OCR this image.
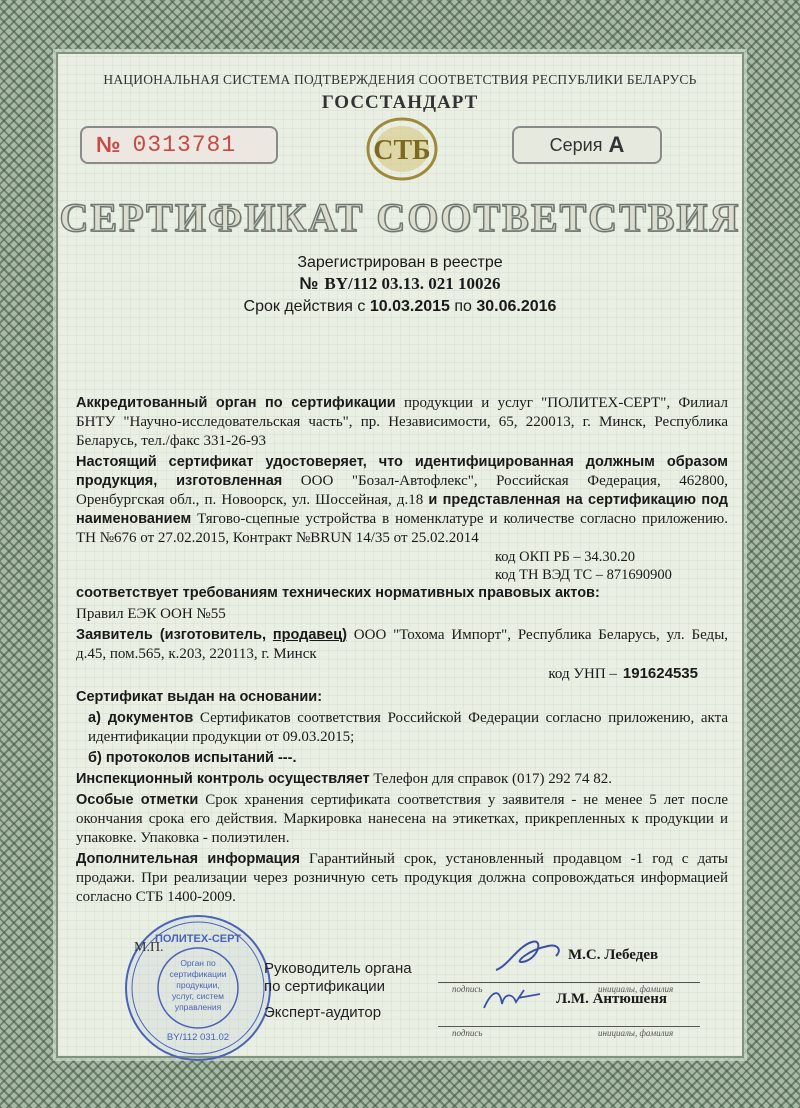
НАЦИОНАЛЬНАЯ СИСТЕМА ПОДТВЕРЖДЕНИЯ СООТВЕТСТВИЯ РЕСПУБЛИКИ БЕЛАРУСЬ
ГОССТАНДАРТ
№ 0313781	СТБ	Серия А
СЕРТИФИКАТ СООТВЕТСТВИЯ
Зарегистрирован в реестре
№ BY/112 03.13. 021 10026
Срок действия с 10.03.2015 по 30.06.2016

Аккредитованный орган по сертификации продукции и услуг "ПОЛИТЕХ-СЕРТ", Филиал БНТУ "Научно-исследовательская часть", пр. Независимости, 65, 220013, г. Минск, Республика Беларусь, тел./факс 331-26-93

Настоящий сертификат удостоверяет, что идентифицированная должным образом продукция, изготовленная ООО "Бозал-Автофлекс", Российская Федерация, 462800, Оренбургская обл., п. Новоорск, ул. Шоссейная, д.18 и представленная на сертификацию под наименованием Тягово-сцепные устройства в номенклатуре и количестве согласно приложению. ТН №676 от 27.02.2015, Контракт №BRUN 14/35 от 25.02.2014

код ОКП РБ – 34.30.20
код ТН ВЭД ТС – 871690900

соответствует требованиям технических нормативных правовых актов:

Правил ЕЭК ООН №55

Заявитель (изготовитель, продавец) ООО "Тохома Импорт", Республика Беларусь, ул. Беды, д.45, пом.565, к.203, 220113, г. Минск

код УНП – 191624535

Сертификат выдан на основании:

а) документов Сертификатов соответствия Российской Федерации согласно приложению, акта идентификации продукции от 09.03.2015;

б) протоколов испытаний ---.

Инспекционный контроль осуществляет Телефон для справок (017) 292 74 82.

Особые отметки Срок хранения сертификата соответствия у заявителя - не менее 5 лет после окончания срока его действия. Маркировка нанесена на этикетках, прикрепленных к продукции и упаковке. Упаковка - полиэтилен.

Дополнительная информация Гарантийный срок, установленный продавцом -1 год с даты продажи. При реализации через розничную сеть продукция должна сопровождаться информацией согласно СТБ 1400-2009.

ПОЛИТЕХ-СЕРТ
Орган по
сертификации
продукции,
услуг, систем
управления
BY/112 031.02
М.П.
Руководитель органа
по сертификации
Эксперт-аудитор
подпись
подпись
инициалы, фамилия
инициалы, фамилия
М.С. Лебедев
Л.М. Антюшеня
